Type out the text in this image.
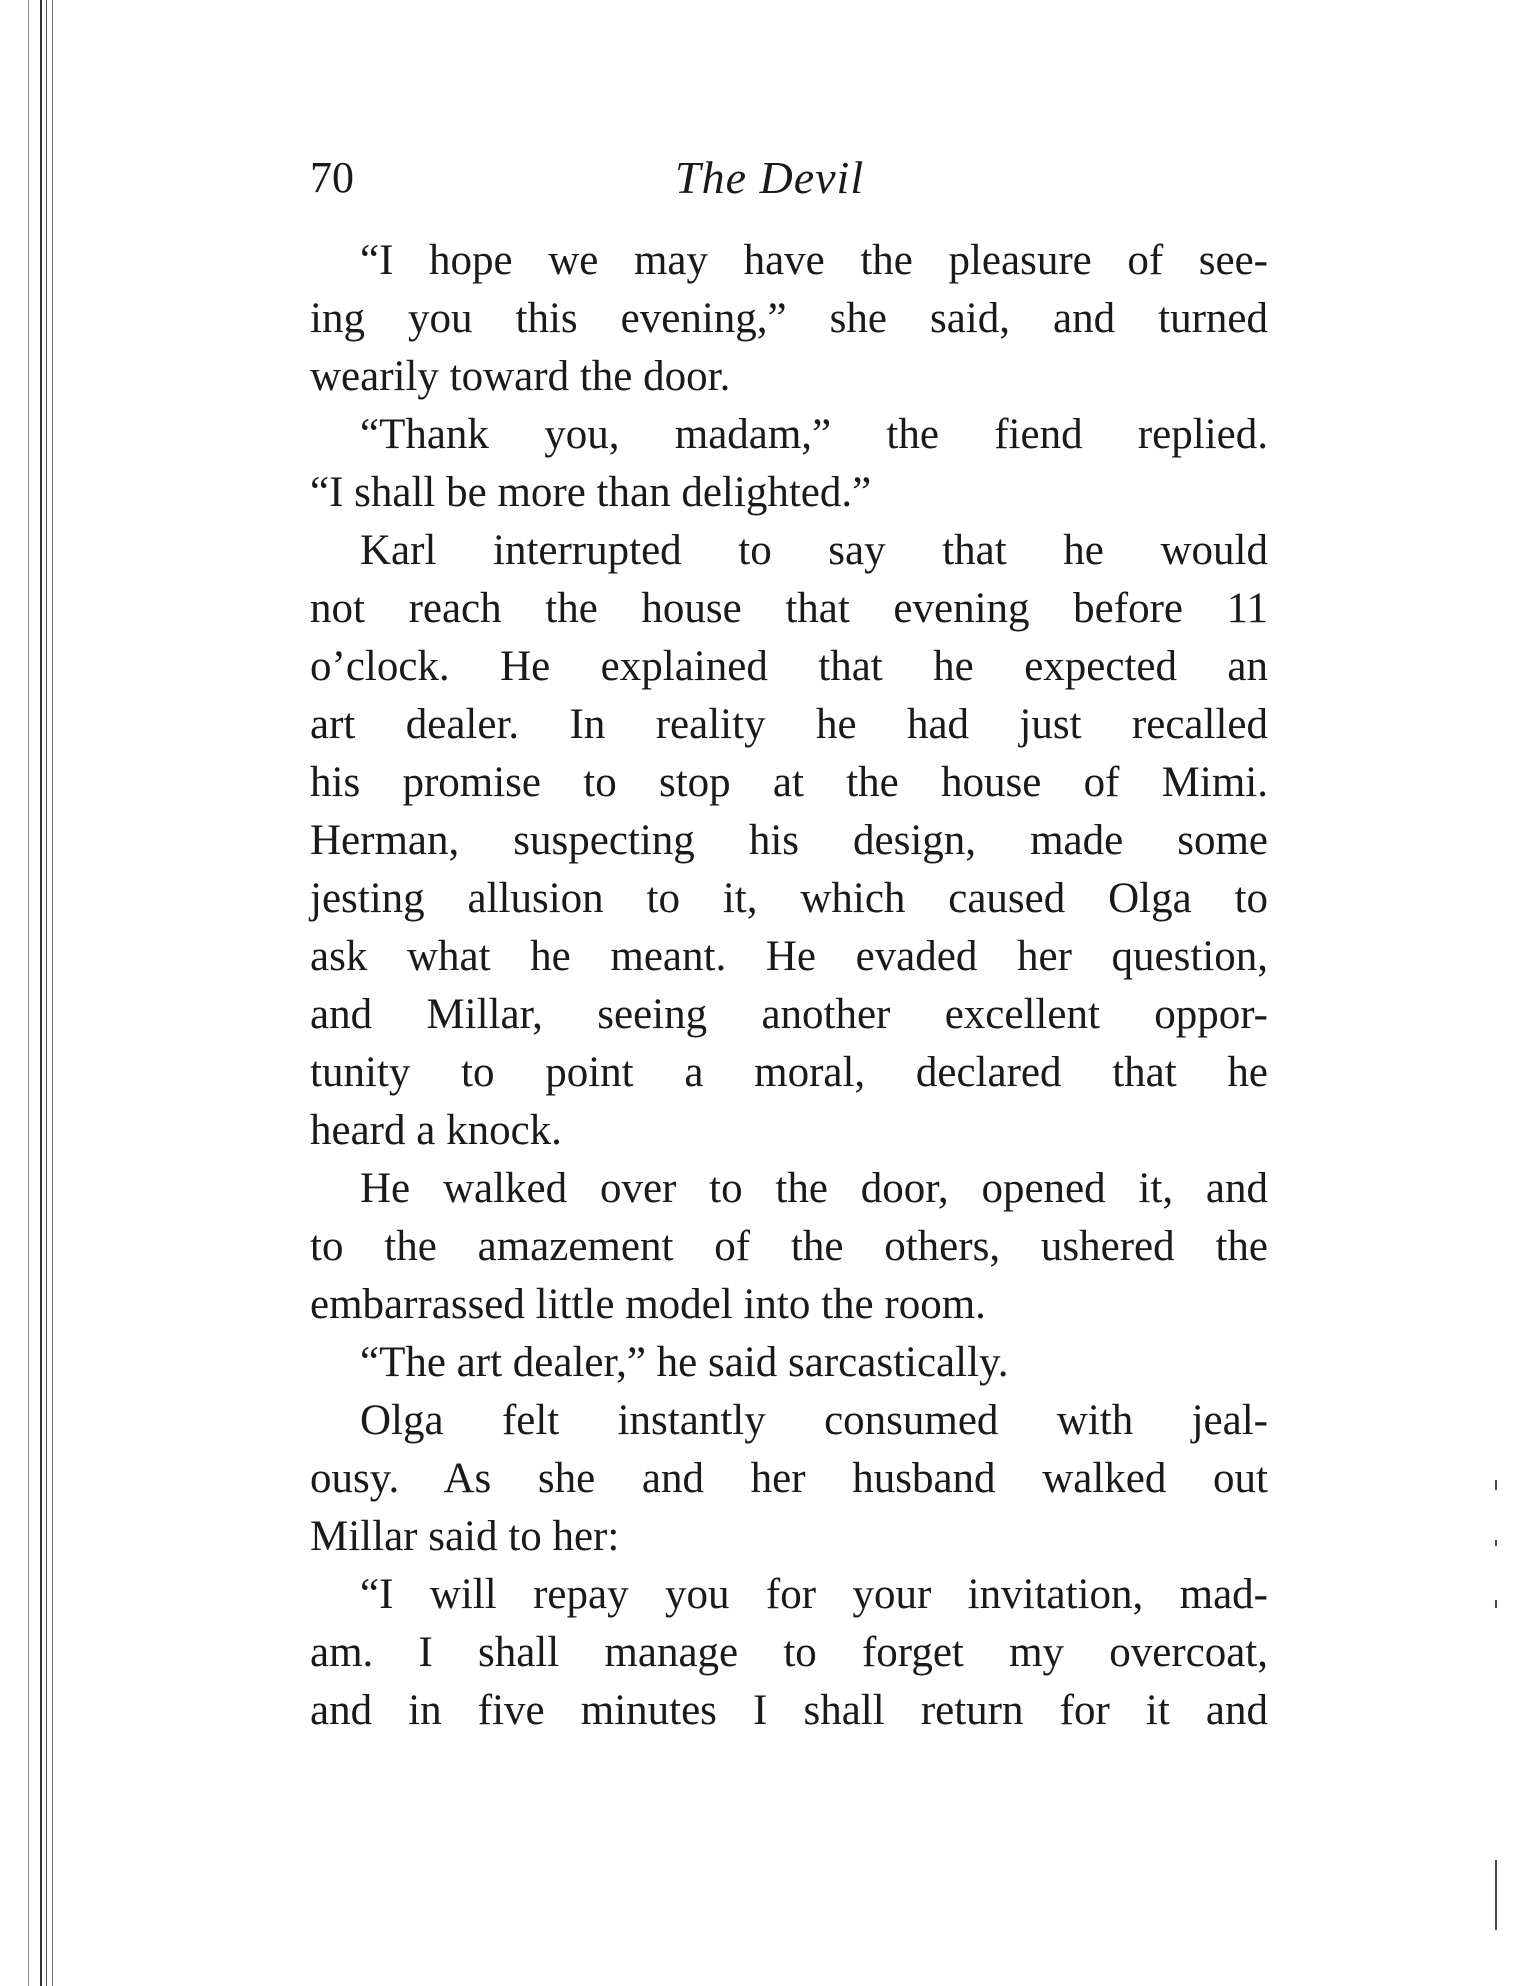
70	The Devil
“I hope we may have the pleasure of see-
ing you this evening,” she said, and turned
wearily toward the door.
“Thank you, madam,” the fiend replied.
“I shall be more than delighted.”
Karl interrupted to say that he would
not reach the house that evening before 11
o’clock. He explained that he expected an
art dealer. In reality he had just recalled
his promise to stop at the house of Mimi.
Herman, suspecting his design, made some
jesting allusion to it, which caused Olga to
ask what he meant. He evaded her question,
and Millar, seeing another excellent oppor-
tunity to point a moral, declared that he
heard a knock.
He walked over to the door, opened it, and
to the amazement of the others, ushered the
embarrassed little model into the room.
“The art dealer,” he said sarcastically.
Olga felt instantly consumed with jeal-
ousy. As she and her husband walked out
Millar said to her:
“I will repay you for your invitation, mad-
am. I shall manage to forget my overcoat,
and in five minutes I shall return for it and
